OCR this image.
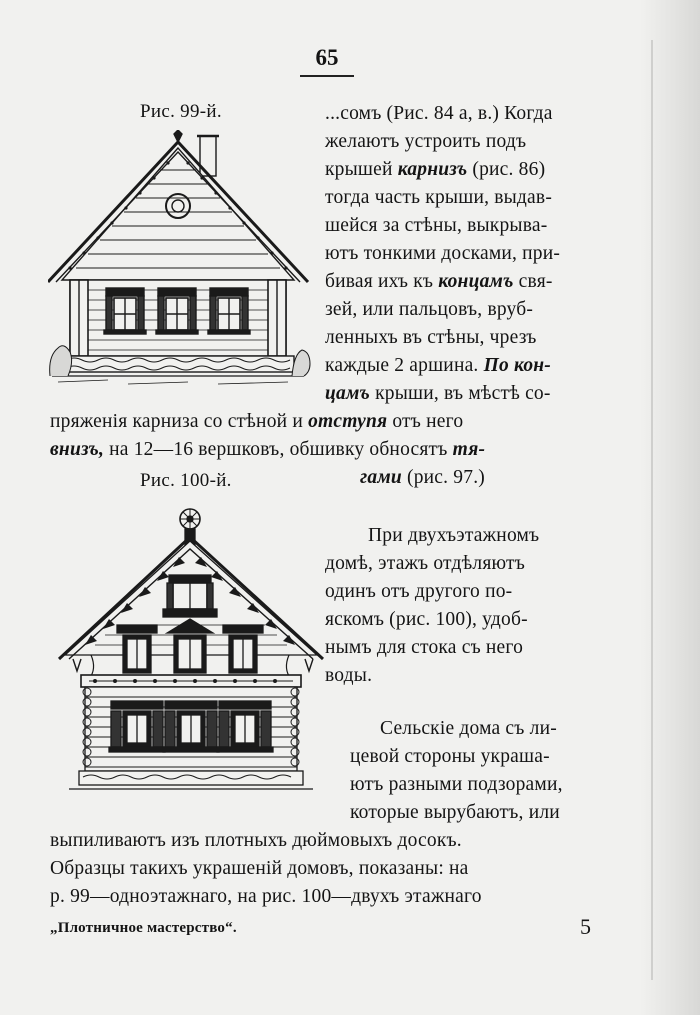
65
Рис. 99-й.
Рис. 100-й.
...сомъ (Рис. 84 а, в.) Когда
желаютъ устроить подъ
крышей карнизъ (рис. 86)
тогда часть крыши, выдав-
шейся за стѣны, выкрыва-
ютъ тонкими досками, при-
бивая ихъ къ концамъ свя-
зей, или пальцовъ, вруб-
ленныхъ въ стѣны, чрезъ
каждые 2 аршина. По кон-
цамъ крыши, въ мѣстѣ со-
пряженія карниза со стѣной и отступя отъ него
внизъ, на 12—16 вершковъ, обшивку обносятъ тя-
гами (рис. 97.)
При двухъэтажномъ
домѣ, этажъ отдѣляютъ
одинъ отъ другого по-
яскомъ (рис. 100), удоб-
нымъ для стока съ него
воды.
Сельскіе дома съ ли-
цевой стороны украша-
ютъ разными подзорами,
которые вырубаютъ, или
выпиливаютъ изъ плотныхъ дюймовыхъ досокъ.
Образцы такихъ украшеній домовъ, показаны: на
р. 99—одноэтажнаго, на рис. 100—двухъ этажнаго
„Плотничное мастерство“.	5
